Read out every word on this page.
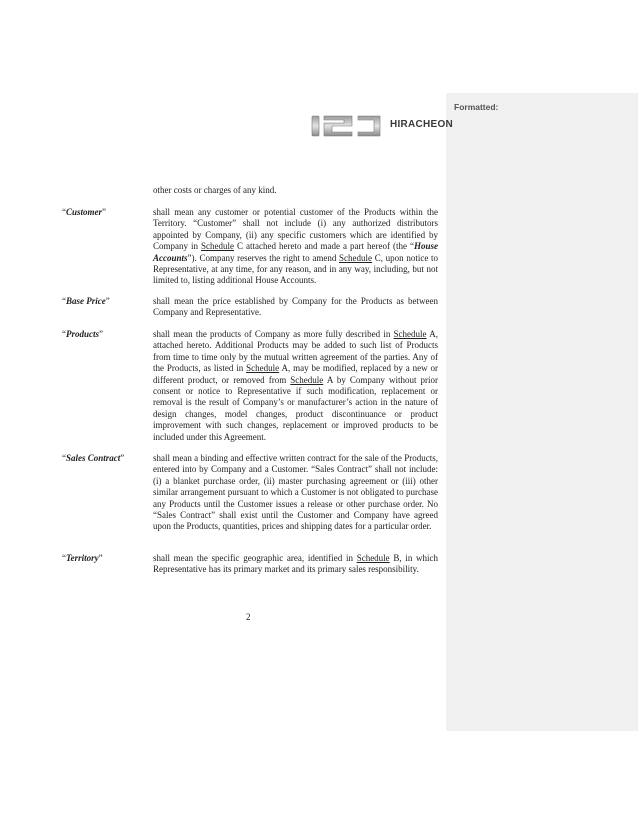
Formatted:
HIRACHEON
other costs or charges of any kind.
“Customer”	shall mean any customer or potential customer of the Products within the Territory. “Customer” shall not include (i) any authorized distributors appointed by Company, (ii) any specific customers which are identified by Company in Schedule C attached hereto and made a part hereof (the “House Accounts”). Company reserves the right to amend Schedule C, upon notice to Representative, at any time, for any reason, and in any way, including, but not limited to, listing additional House Accounts.
“Base Price”	shall mean the price established by Company for the Products as between Company and Representative.
“Products”	shall mean the products of Company as more fully described in Schedule A, attached hereto. Additional Products may be added to such list of Products from time to time only by the mutual written agreement of the parties. Any of the Products, as listed in Schedule A, may be modified, replaced by a new or different product, or removed from Schedule A by Company without prior consent or notice to Representative if such modification, replacement or removal is the result of Company’s or manufacturer’s action in the nature of design changes, model changes, product discontinuance or product improvement with such changes, replacement or improved products to be included under this Agreement.
“Sales Contract”	shall mean a binding and effective written contract for the sale of the Products, entered into by Company and a Customer. “Sales Contract” shall not include: (i) a blanket purchase order, (ii) master purchasing agreement or (iii) other similar arrangement pursuant to which a Customer is not obligated to purchase any Products until the Customer issues a release or other purchase order. No “Sales Contract” shall exist until the Customer and Company have agreed upon the Products, quantities, prices and shipping dates for a particular order.
“Territory”	shall mean the specific geographic area, identified in Schedule B, in which Representative has its primary market and its primary sales responsibility.
2
